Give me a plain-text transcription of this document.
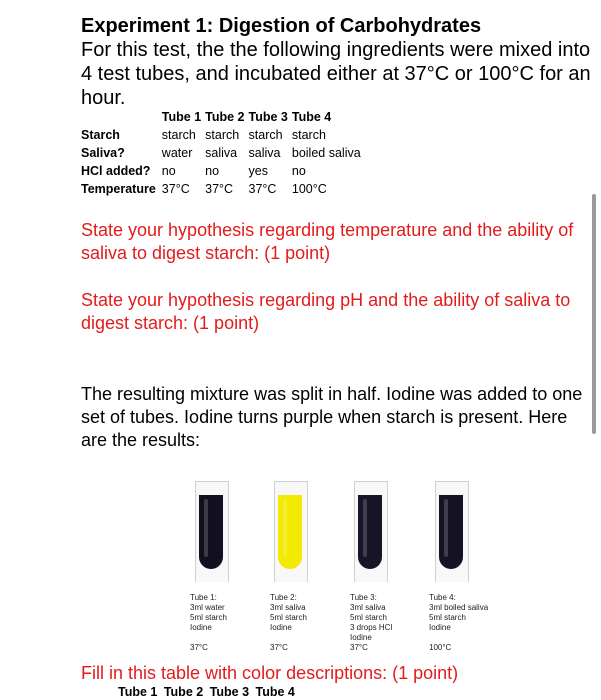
Experiment 1: Digestion of Carbohydrates

For this test, the the following ingredients were mixed into 4 test tubes, and incubated either at 37°C or 100°C for an hour.

	Tube 1	Tube 2	Tube 3	Tube 4
Starch	starch	starch	starch	starch
Saliva?	water	saliva	saliva	boiled saliva
HCl added?	no	no	yes	no
Temperature	37°C	37°C	37°C	100°C

State your hypothesis regarding temperature and the ability of saliva to digest starch: (1 point)

State your hypothesis regarding pH and the ability of saliva to digest starch: (1 point)

The resulting mixture was split in half. Iodine was added to one set of tubes. Iodine turns purple when starch is present. Here are the results:

Tube 1:
3ml water
5ml starch
Iodine
Tube 2:
3ml saliva
5ml starch
Iodine
Tube 3:
3ml saliva
5ml starch
3 drops HCl
Iodine
37°C
Tube 4:
3ml boiled saliva
5ml starch
Iodine
37°C	37°C	100°C

Fill in this table with color descriptions: (1 point)

Tube 1 Tube 2 Tube 3 Tube 4
